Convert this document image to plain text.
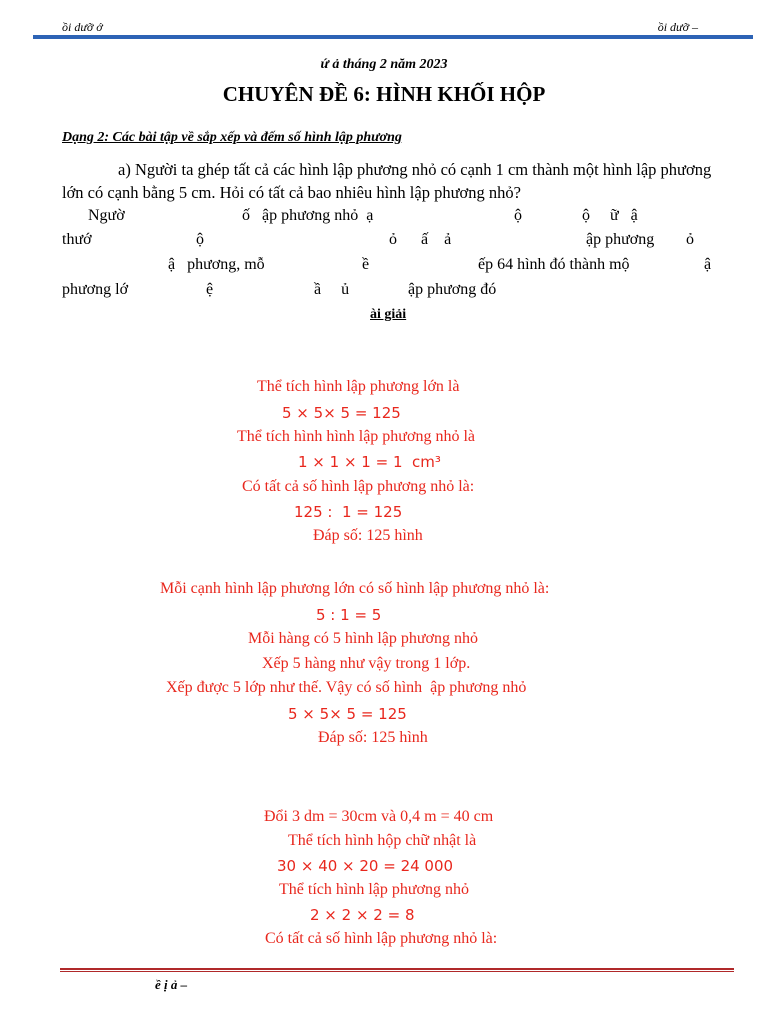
ồi dưỡ ớ	ồi dưỡ –
ứ ả tháng 2 năm 2023
CHUYÊN ĐỀ 6: HÌNH KHỐI HỘP
Dạng 2: Các bài tập về sắp xếp và đếm số hình lập phương
a) Người ta ghép tất cả các hình lập phương nhỏ có cạnh 1 cm thành một hình lập phương lớn có cạnh bằng 5 cm. Hỏi có tất cả bao nhiêu hình lập phương nhỏ?
Ngườ	ố   ập phương nhỏ  ạ	ộ	ộ     ữ   ậ
thướ	ộ	ỏ      ấ    ả	ập phương ỏ
ậ   phương, mỗ	ề	ếp 64 hình đó thành mộ	ậ
phương lớ	ệ	ầ     ủ	ập phương đó
ài giải
Thể tích hình lập phương lớn là
5 × 5× 5 = 125
Thể tích hình hình lập phương nhỏ là
1 × 1 × 1 = 1  cm³
Có tất cả số hình lập phương nhỏ là:
125 :  1 = 125
Đáp số: 125 hình
Mỗi cạnh hình lập phương lớn có số hình lập phương nhỏ là:
5 : 1 = 5
Mỗi hàng có 5 hình lập phương nhỏ
Xếp 5 hàng như vậy trong 1 lớp.
Xếp được 5 lớp như thế. Vậy có số hình  ập phương nhỏ
5 × 5× 5 = 125
Đáp số: 125 hình
Đổi 3 dm = 30cm và 0,4 m = 40 cm
Thể tích hình hộp chữ nhật là
30 × 40 × 20 = 24 000
Thể tích hình lập phương nhỏ
2 × 2 × 2 = 8
Có tất cả số hình lập phương nhỏ là:
ề ị ả –
